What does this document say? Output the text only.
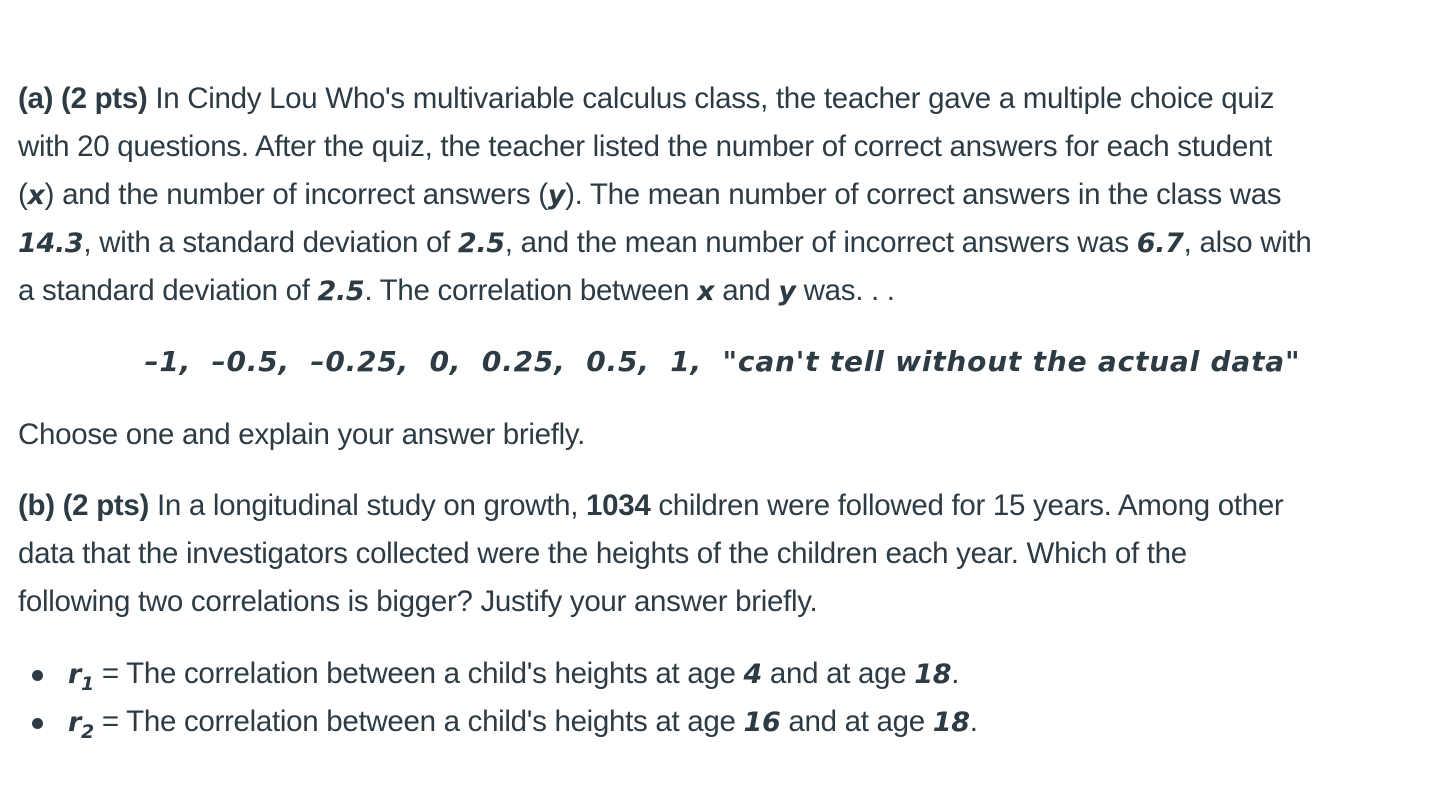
(a) (2 pts) In Cindy Lou Who's multivariable calculus class, the teacher gave a multiple choice quiz
with 20 questions. After the quiz, the teacher listed the number of correct answers for each student
(x) and the number of incorrect answers (y). The mean number of correct answers in the class was
14.3, with a standard deviation of 2.5, and the mean number of incorrect answers was 6.7, also with
a standard deviation of 2.5. The correlation between x and y was. . .
–1, –0.5, –0.25, 0, 0.25, 0.5, 1, "can't tell without the actual data"
Choose one and explain your answer briefly.
(b) (2 pts) In a longitudinal study on growth, 1034 children were followed for 15 years. Among other
data that the investigators collected were the heights of the children each year. Which of the
following two correlations is bigger? Justify your answer briefly.
$r_1$ = The correlation between a child's heights at age 4 and at age 18.
$r_2$ = The correlation between a child's heights at age 16 and at age 18.
